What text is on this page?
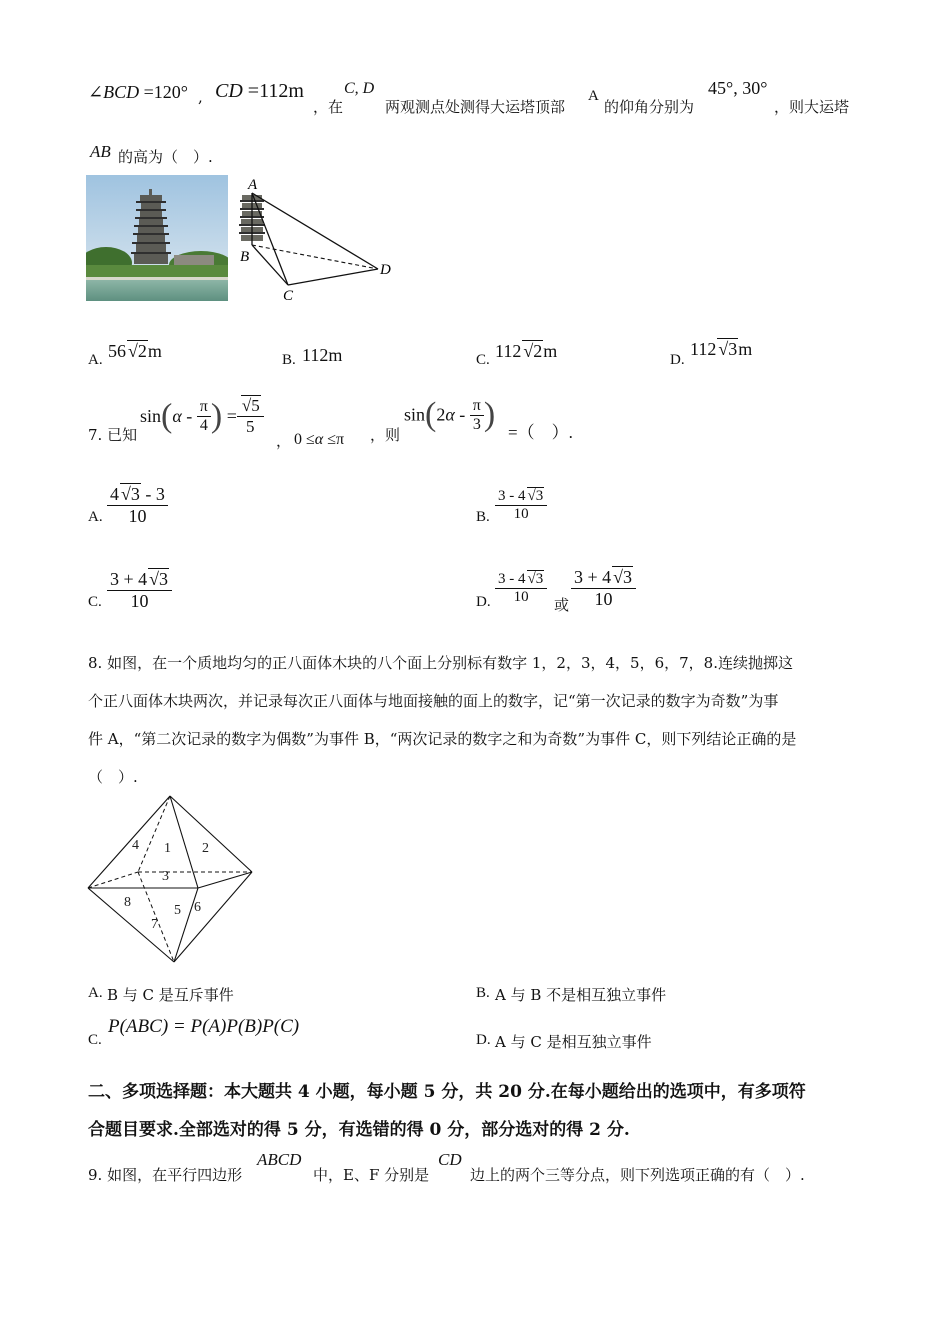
∠BCD =120° , CD =112m
，在
C, D
两观测点处测得大运塔顶部
A
的仰角分别为
45°, 30°
，则大运塔
AB 的高为（　）.
A
B
C
D
A. 56 √2m	B. 112m	C. 112 √2m	D.
112 √3m
7. 已知
$\sin(\alpha - \frac{\pi}{4}$ ) = $\frac{√5}{5}$
， 0 ≤α ≤π ，则
$\sin(2\alpha - \frac{\pi}{3}$ ) =（　）.
A. $\frac{4 √3 - 3}{10}$	B. $\frac{3 - 4 √3}{10}$
C. $\frac{3 + 4 √3}{10}$	D. $\frac{3 - 4 √3}{10}$ 或 $\frac{3 + 4 √3}{10}$
8. 如图，在一个质地均匀的正八面体木块的八个面上分别标有数字 1，2，3，4，5，6，7，8.连续抛掷这
个正八面体木块两次，并记录每次正八面体与地面接触的面上的数字，记“第一次记录的数字为奇数”为事
件 A，“第二次记录的数字为偶数”为事件 B，“两次记录的数字之和为奇数”为事件 C，则下列结论正确的是
（　）.
4 1 2
3
8
5 6
7
A. B 与 C 是互斥事件	B. A 与 B 不是相互独立事件
C.
P(ABC) = P(A)P(B)P(C)
D. A 与 C 是相互独立事件
二、多项选择题：本大题共 4 小题，每小题 5 分，共 20 分.在每小题给出的选项中，有多项符
合题目要求.全部选对的得 5 分，有选错的得 0 分，部分选对的得 2 分.
9. 如图，在平行四边形
ABCD
中，E、F 分别是
CD
边上的两个三等分点，则下列选项正确的有（　）.
